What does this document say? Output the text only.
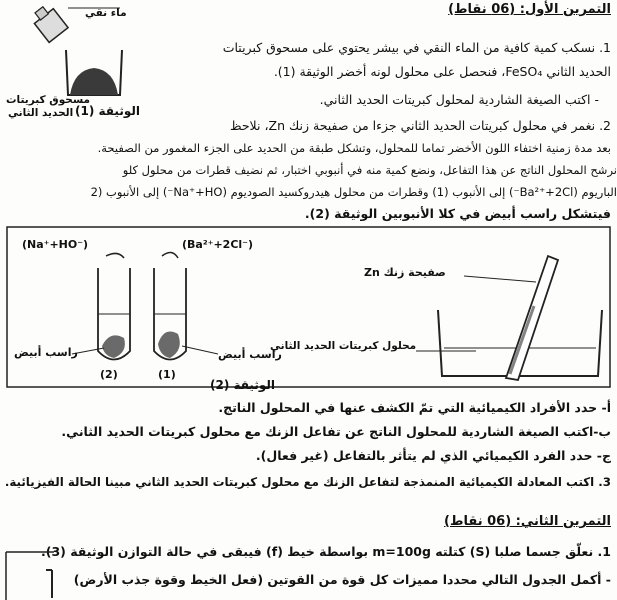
التمرين الأول: (06 نقاط)
ماء نقي
مسحوق كبريتات
الحديد الثاني الوثيقة (1)
1. نسكب كمية كافية من الماء النقي في بيشر يحتوي على مسحوق كبريتات
الحديد الثاني FeSO₄، فنحصل على محلول لونه أخضر الوثيقة (1).
- اكتب الصيغة الشاردية لمحلول كبريتات الحديد الثاني.
2. نغمر في محلول كبريتات الحديد الثاني جزءا من صفيحة زنك Zn، نلاحظ
بعد مدة زمنية اختفاء اللون الأخضر تماما للمحلول، وتشكل طبقة من الحديد على الجزء المغمور من الصفيحة.
نرشح المحلول الناتج عن هذا التفاعل، ونضع كمية منه في أنبوبي اختبار، ثم نضيف قطرات من محلول كلو
الباريوم (Ba²⁺+2Cl⁻) إلى الأنبوب (1) وقطرات من محلول هيدروكسيد الصوديوم (Na⁺+HO⁻) إلى الأنبوب (2
فيتشكل راسب أبيض في كلا الأنبوبين الوثيقة (2).
(Na⁺+HO⁻)	(Ba²⁺+2Cl⁻)
راسب أبيض	راسب أبيض
(2)	(1)
صفيحة زنك Zn
محلول كبريتات الحديد الثاني
الوثيقة (2)
أ- حدد الأفراد الكيميائية التي تمّ الكشف عنها في المحلول الناتج.
ب-اكتب الصيغة الشاردية للمحلول الناتج عن تفاعل الزنك مع محلول كبريتات الحديد الثاني.
ج- حدد الفرد الكيميائي الذي لم يتأثر بالتفاعل (غير فعال).
3. اكتب المعادلة الكيميائية المنمذجة لتفاعل الزنك مع محلول كبريتات الحديد الثاني مبينا الحالة الفيزيائية.
التمرين الثاني: (06 نقاط)
1. نعلّق جسما صلبا (S) كتلته m=100g بواسطة خيط (f) فيبقى في حالة التوازن الوثيقة (3).
- أكمل الجدول التالي محددا مميزات كل قوة من القوتين (فعل الخيط وقوة جذب الأرض)
